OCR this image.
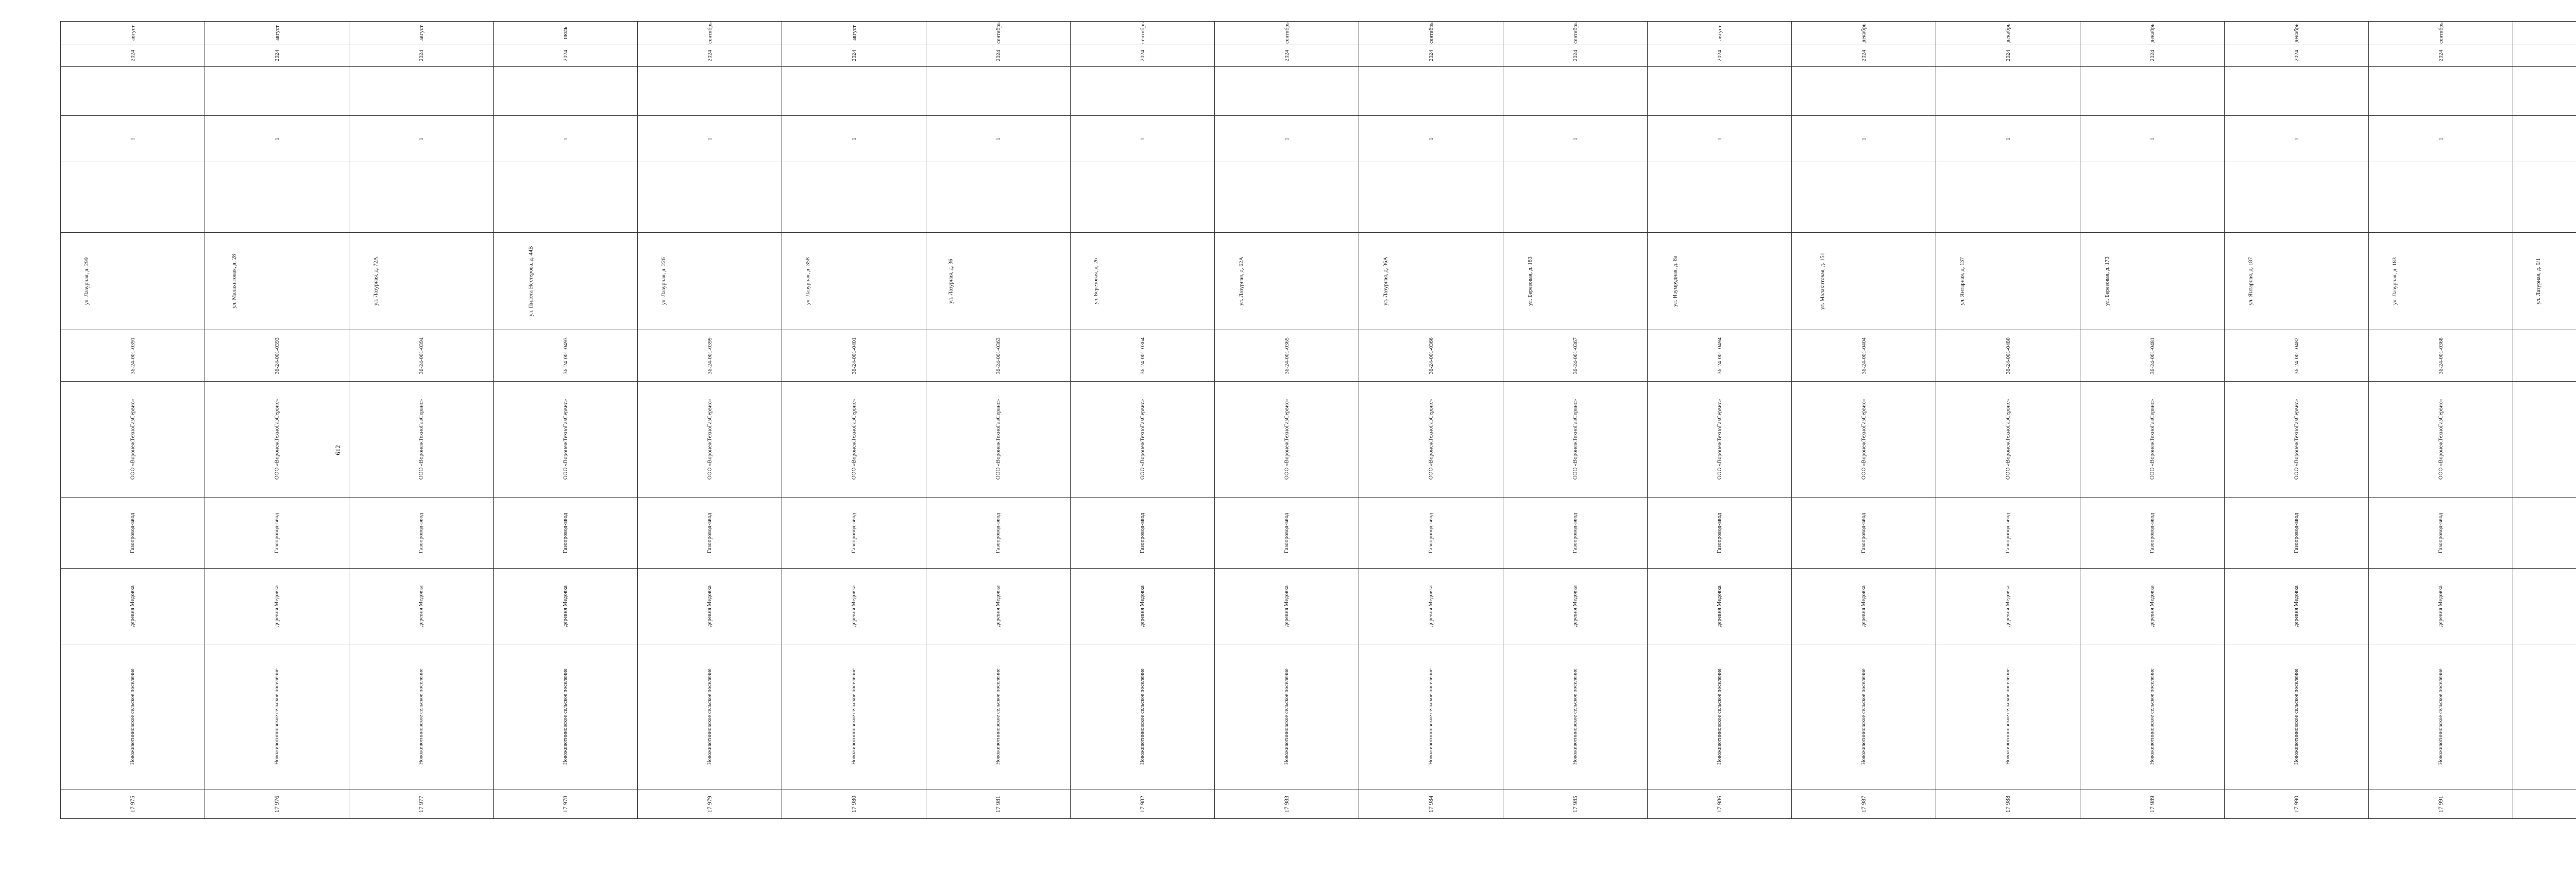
612
август	август	август	июль	сентябрь	август	сентябрь	сентябрь	сентябрь	сентябрь	сентябрь	август	декабрь	декабрь	декабрь	декабрь	сентябрь														
2024	2024	2024	2024	2024	2024	2024	2024	2024	2024	2024	2024	2024	2024	2024	2024	2024														

1	1	1	1	1	1	1	1	1	1	1	1	1	1	1	1	1														

ул. Лазурная, д. 299	ул. Малахитовая, д. 28	ул. Лазурная, д. 72А	ул. Пилота Нестерова, д. 44В	ул. Лазурная, д. 226	ул. Лазурная, д. 358	ул. Лазурная, д. 36	ул. Березовая, д. 26	ул. Лазурная, д. 62А	ул. Лазурная, д. 36А	ул. Березовая, д. 183	ул. Изумрудная, д. 8а	ул. Малахитовая, д. 151	ул. Янтарная, д. 137	ул. Березовая, д. 173	ул. Янтарная, д. 187	ул. Лазурная, д. 183	ул. Лазурная, д. 9/1													
36-24-001-0391	36-24-001-0393	36-24-001-0394	36-24-001-0493	36-24-001-0399	36-24-001-0401	36-24-001-0363	36-24-001-0364	36-24-001-0365	36-24-001-0366	36-24-001-0367	36-24-001-0494	36-24-001-0404	36-24-001-0480	36-24-001-0481	36-24-001-0482	36-24-001-0368														
ООО «ВоронежТехноГазСервис»	ООО «ВоронежТехноГазСервис»	ООО «ВоронежТехноГазСервис»	ООО «ВоронежТехноГазСервис»	ООО «ВоронежТехноГазСервис»	ООО «ВоронежТехноГазСервис»	ООО «ВоронежТехноГазСервис»	ООО «ВоронежТехноГазСервис»	ООО «ВоронежТехноГазСервис»	ООО «ВоронежТехноГазСервис»	ООО «ВоронежТехноГазСервис»	ООО «ВоронежТехноГазСервис»	ООО «ВоронежТехноГазСервис»	ООО «ВоронежТехноГазСервис»	ООО «ВоронежТехноГазСервис»	ООО «ВоронежТехноГазСервис»	ООО «ВоронежТехноГазСервис»														
Газопровод-ввод	Газопровод-ввод	Газопровод-ввод	Газопровод-ввод	Газопровод-ввод	Газопровод-ввод	Газопровод-ввод	Газопровод-ввод	Газопровод-ввод	Газопровод-ввод	Газопровод-ввод	Газопровод-ввод	Газопровод-ввод	Газопровод-ввод	Газопровод-ввод	Газопровод-ввод	Газопровод-ввод														
деревня Медовка	деревня Медовка	деревня Медовка	деревня Медовка	деревня Медовка	деревня Медовка	деревня Медовка	деревня Медовка	деревня Медовка	деревня Медовка	деревня Медовка	деревня Медовка	деревня Медовка	деревня Медовка	деревня Медовка	деревня Медовка	деревня Медовка														
Новоживотинновское сельское поселение	Новоживотинновское сельское поселение	Новоживотинновское сельское поселение	Новоживотинновское сельское поселение	Новоживотинновское сельское поселение	Новоживотинновское сельское поселение	Новоживотинновское сельское поселение	Новоживотинновское сельское поселение	Новоживотинновское сельское поселение	Новоживотинновское сельское поселение	Новоживотинновское сельское поселение	Новоживотинновское сельское поселение	Новоживотинновское сельское поселение	Новоживотинновское сельское поселение	Новоживотинновское сельское поселение	Новоживотинновское сельское поселение	Новоживотинновское сельское поселение														
17 975	17 976	17 977	17 978	17 979	17 980	17 981	17 982	17 983	17 984	17 985	17 986	17 987	17 988	17 989	17 990	17 991														
